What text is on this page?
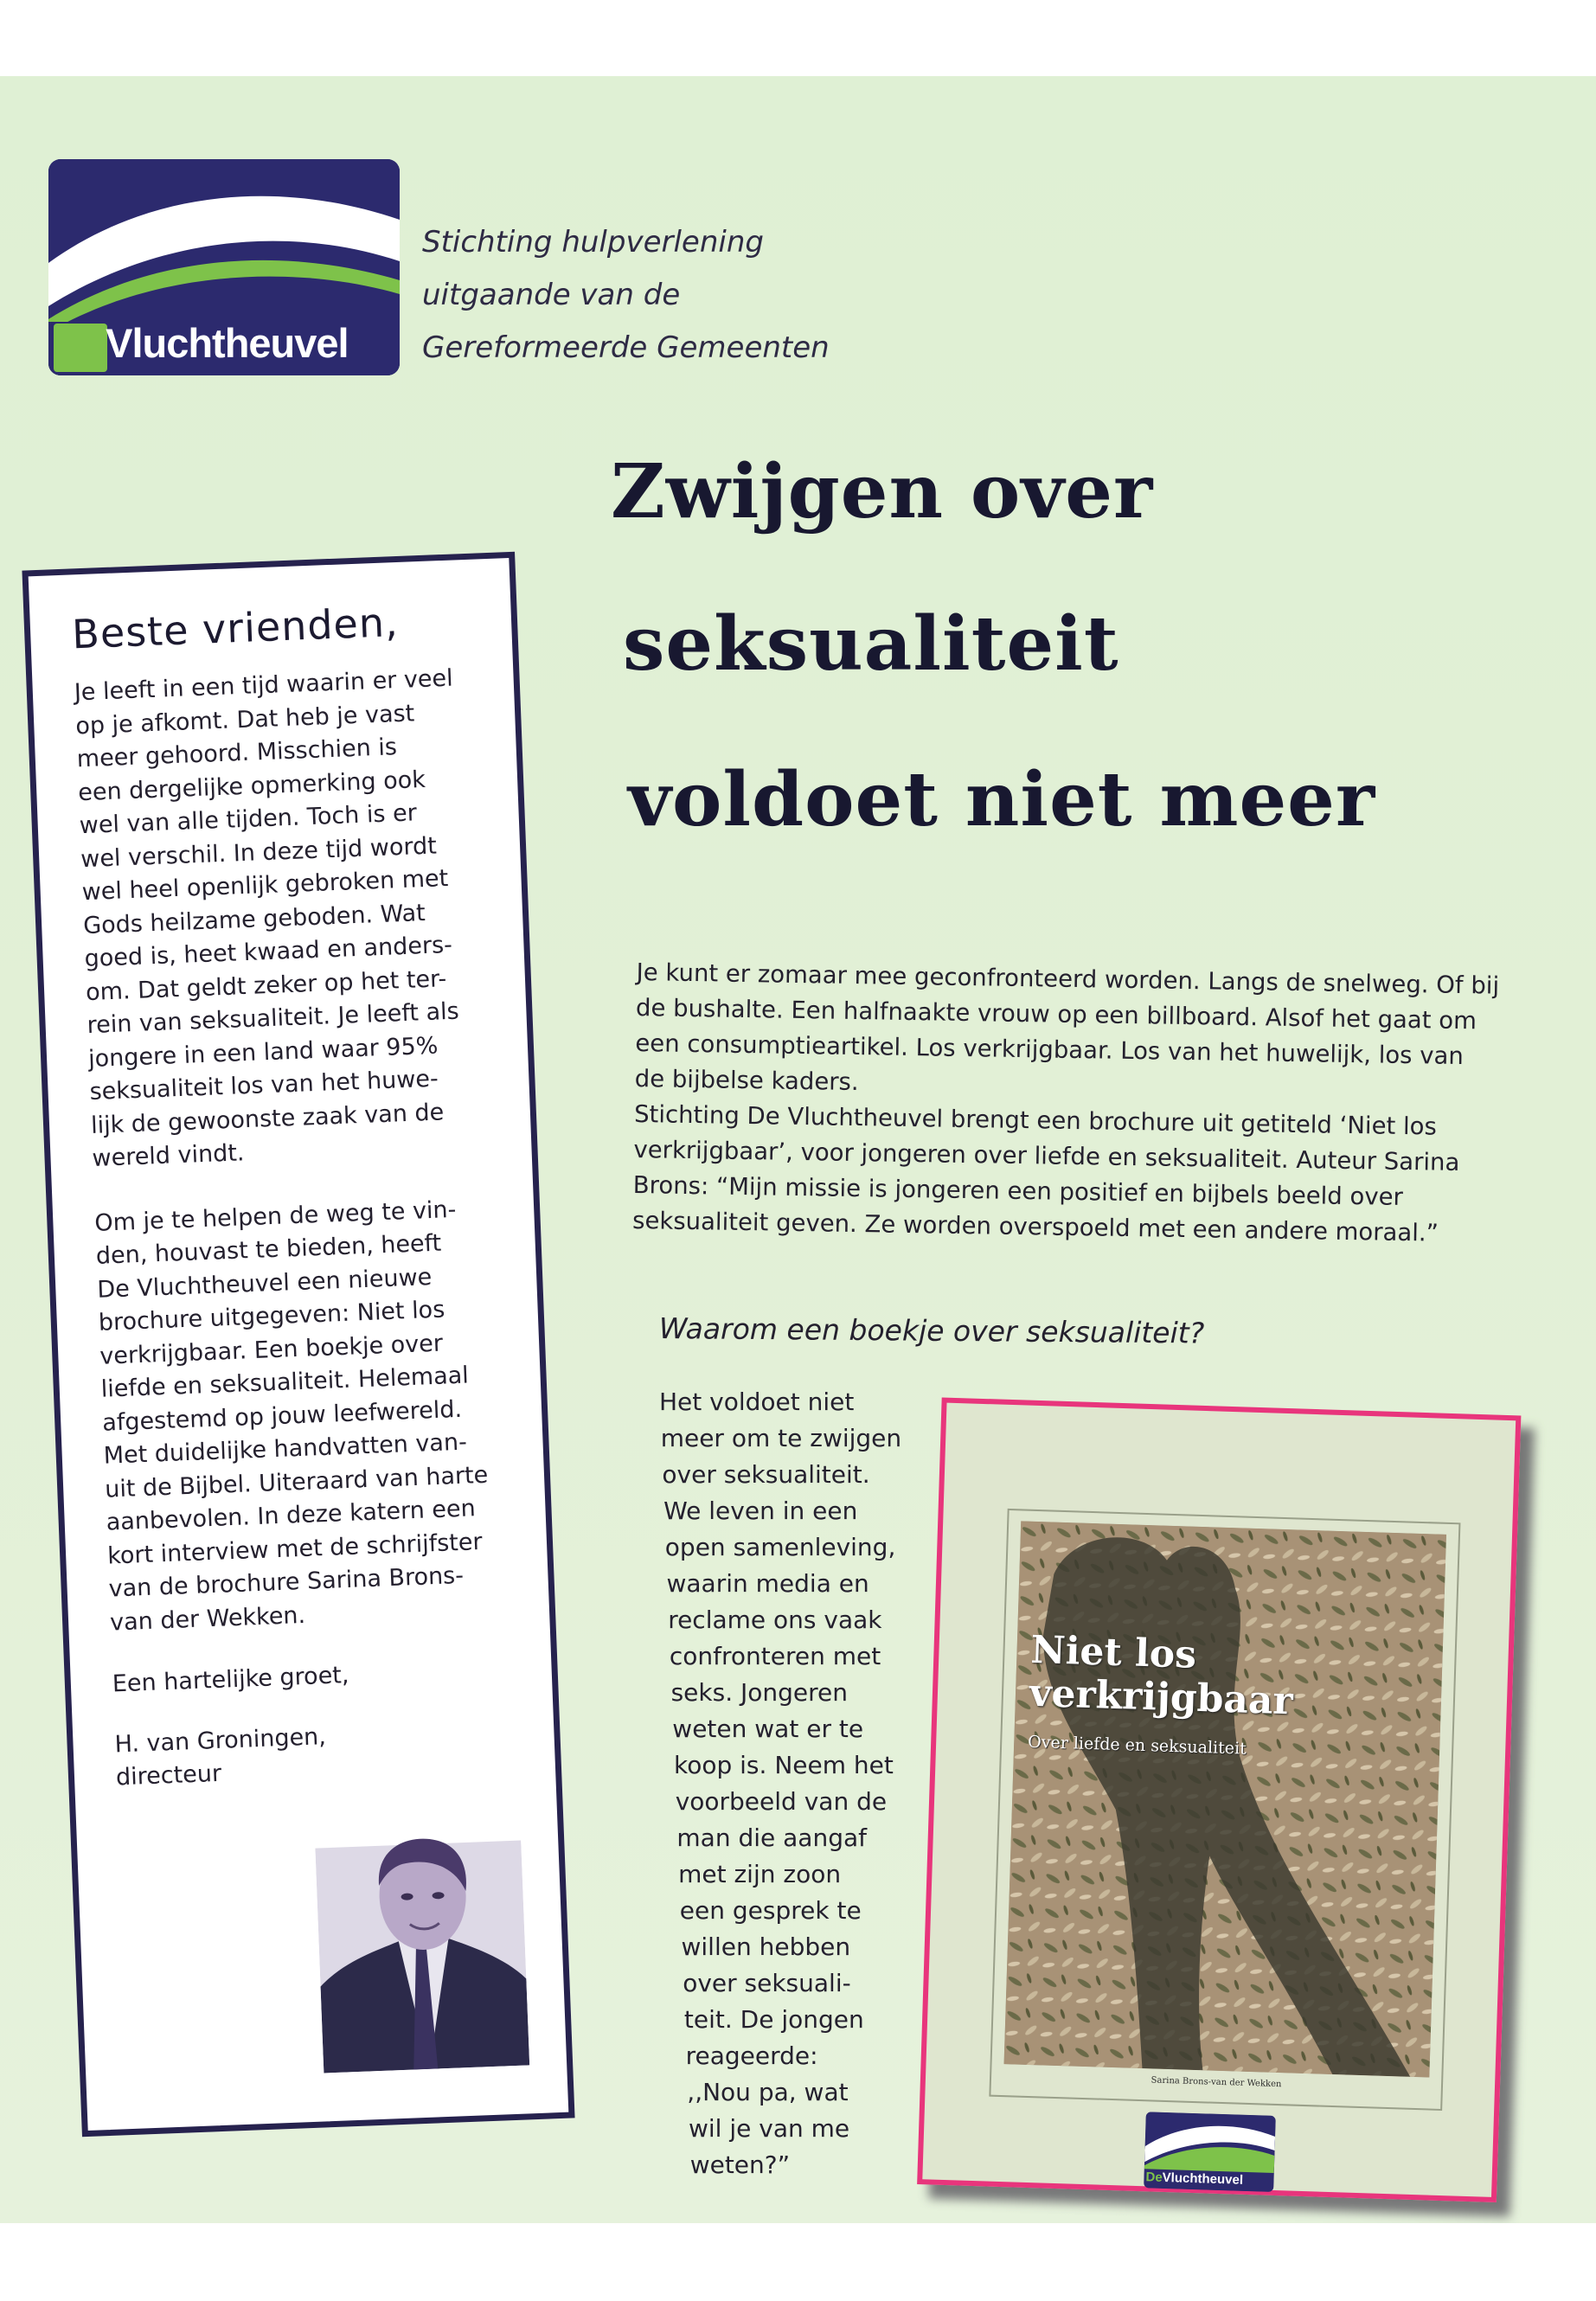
DeVluchtheuvel
Stichting hulpverlening
uitgaande van de
Gereformeerde Gemeenten
Zwijgen over
seksualiteit
voldoet niet meer

Je kunt er zomaar mee geconfronteerd worden. Langs de snelweg. Of bij de bushalte. Een halfnaakte vrouw op een billboard. Alsof het gaat om een consumptieartikel. Los verkrijgbaar. Los van het huwelijk, los van de bijbelse kaders.

Stichting De Vluchtheuvel brengt een brochure uit getiteld ‘Niet los verkrijgbaar’, voor jongeren over liefde en seksualiteit. Auteur Sarina Brons: “Mijn missie is jongeren een positief en bijbels beeld over seksualiteit geven. Ze worden overspoeld met een andere moraal.”

Waarom een boekje over seksualiteit?
Het voldoet niet
meer om te zwijgen
over seksualiteit.
We leven in een
open samenleving,
waarin media en
reclame ons vaak
confronteren met
seks. Jongeren
weten wat er te
koop is. Neem het
voorbeeld van de
man die aangaf
met zijn zoon
een gesprek te
willen hebben
over seksuali-
teit. De jongen
reageerde:
,,Nou pa, wat
wil je van me
weten?”
Beste vrienden,
Je leeft in een tijd waarin er veel
op je afkomt. Dat heb je vast
meer gehoord. Misschien is
een dergelijke opmerking ook
wel van alle tijden. Toch is er
wel verschil. In deze tijd wordt
wel heel openlijk gebroken met
Gods heilzame geboden. Wat
goed is, heet kwaad en anders-
om. Dat geldt zeker op het ter-
rein van seksualiteit. Je leeft als
jongere in een land waar 95%
seksualiteit los van het huwe-
lijk de gewoonste zaak van de
wereld vindt.
Om je te helpen de weg te vin-
den, houvast te bieden, heeft
De Vluchtheuvel een nieuwe
brochure uitgegeven: Niet los
verkrijgbaar. Een boekje over
liefde en seksualiteit. Helemaal
afgestemd op jouw leefwereld.
Met duidelijke handvatten van-
uit de Bijbel. Uiteraard van harte
aanbevolen. In deze katern een
kort interview met de schrijfster
van de brochure Sarina Brons-
van der Wekken.
Een hartelijke groet,
H. van Groningen,
directeur
Niet los
verkrijgbaar
Over liefde en seksualiteit
Sarina Brons-van der Wekken
DeVluchtheuvel
